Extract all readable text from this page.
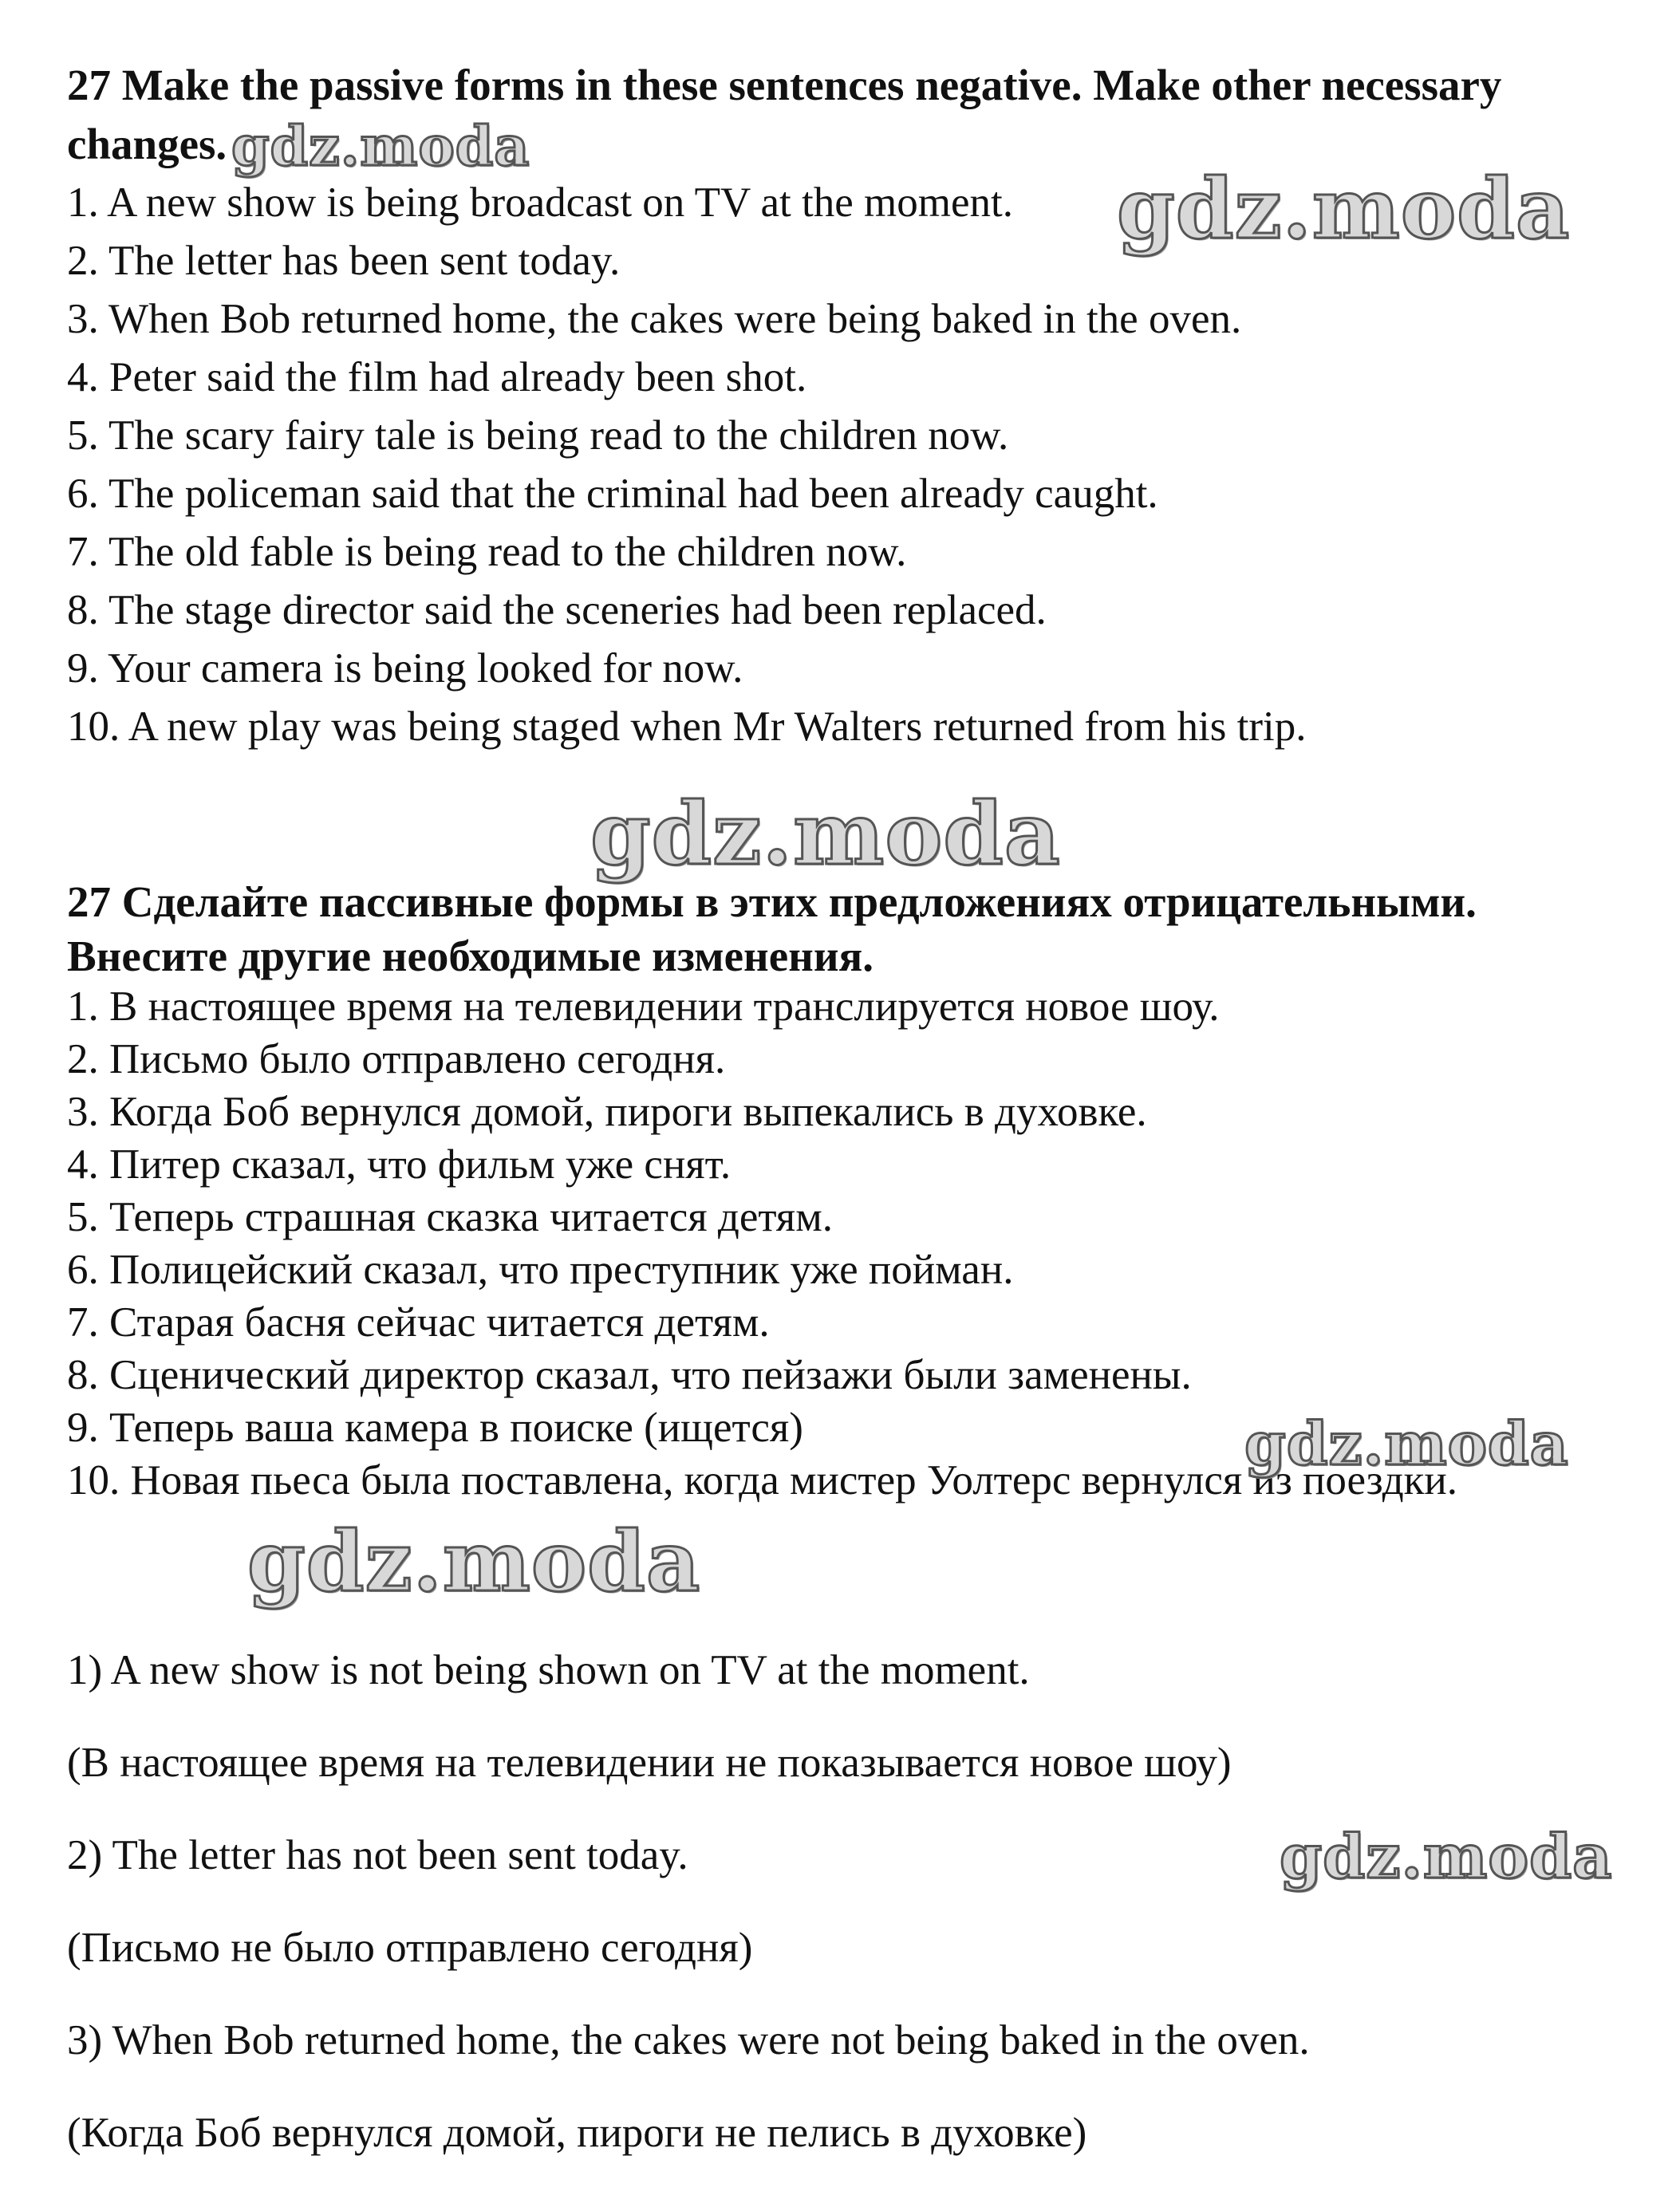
27 Make the passive forms in these sentences negative. Make other necessary

changes.

1. A new show is being broadcast on TV at the moment.

2. The letter has been sent today.

3. When Bob returned home, the cakes were being baked in the oven.

4. Peter said the film had already been shot.

5. The scary fairy tale is being read to the children now.

6. The policeman said that the criminal had been already caught.

7. The old fable is being read to the children now.

8. The stage director said the sceneries had been replaced.

9. Your camera is being looked for now.

10. A new play was being staged when Mr Walters returned from his trip.

27 Сделайте пассивные формы в этих предложениях отрицательными.

Внесите другие необходимые изменения.

1. В настоящее время на телевидении транслируется новое шоу.

2. Письмо было отправлено сегодня.

3. Когда Боб вернулся домой, пироги выпекались в духовке.

4. Питер сказал, что фильм уже снят.

5. Теперь страшная сказка читается детям.

6. Полицейский сказал, что преступник уже пойман.

7. Старая басня сейчас читается детям.

8. Сценический директор сказал, что пейзажи были заменены.

9. Теперь ваша камера в поиске (ищется)

10. Новая пьеса была поставлена, когда мистер Уолтерс вернулся из поездки.

1) A new show is not being shown on TV at the moment.

(В настоящее время на телевидении не показывается новое шоу)

2) The letter has not been sent today.

(Письмо не было отправлено сегодня)

3) When Bob returned home, the cakes were not being baked in the oven.

(Когда Боб вернулся домой, пироги не пелись в духовке)

gdz.moda
gdz.moda
gdz.moda
gdz.moda
gdz.moda
gdz.moda
